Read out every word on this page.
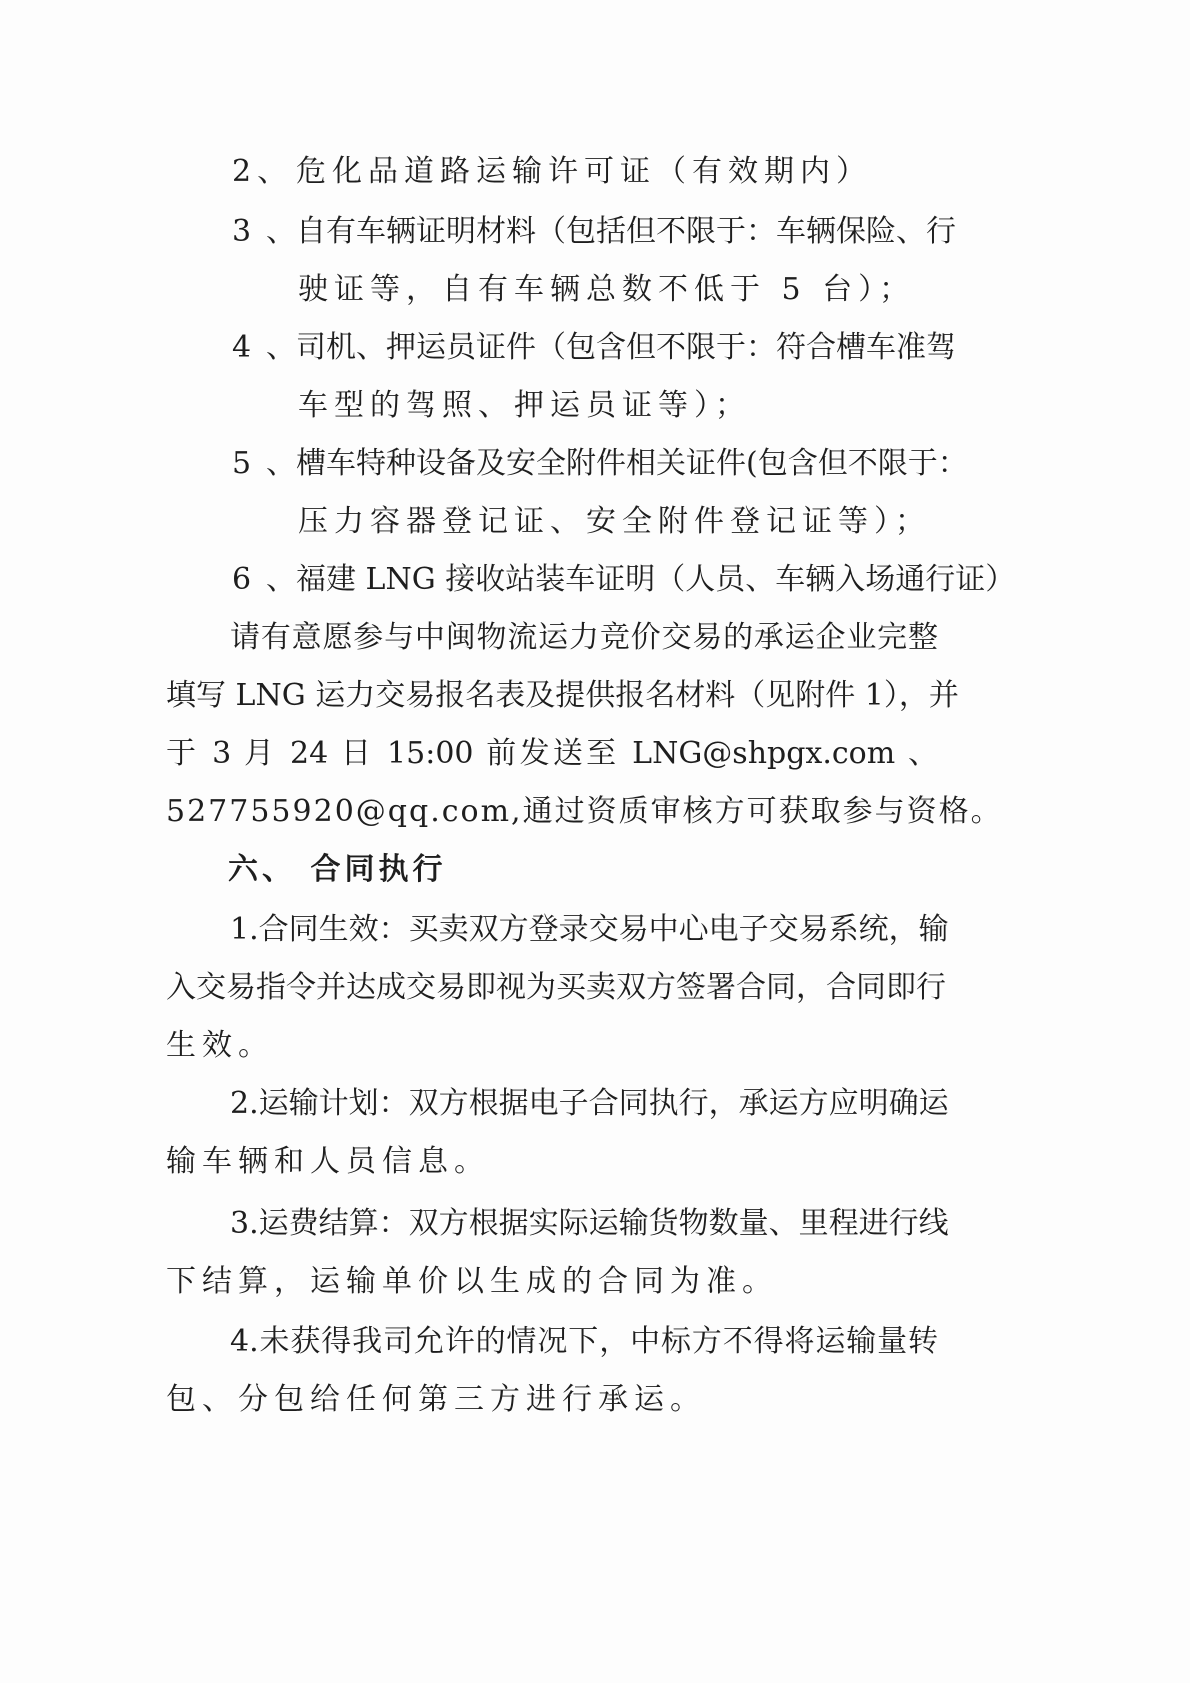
2、危化品道路运输许可证（有效期内）
3、自有车辆证明材料（包括但不限于：车辆保险、行
驶证等，自有车辆总数不低于 5 台）；
4、司机、押运员证件（包含但不限于：符合槽车准驾
车型的驾照、押运员证等）；
5、槽车特种设备及安全附件相关证件(包含但不限于：
压力容器登记证、安全附件登记证等）；
6、福建 LNG 接收站装车证明（人员、车辆入场通行证）
请有意愿参与中闽物流运力竞价交易的承运企业完整
填写 LNG 运力交易报名表及提供报名材料（见附件 1），并
于 3 月 24 日 15:00 前发送至 LNG@shpgx.com 、
527755920@qq.com,通过资质审核方可获取参与资格。
六、 合同执行
1.合同生效：买卖双方登录交易中心电子交易系统，输
入交易指令并达成交易即视为买卖双方签署合同，合同即行
生效。
2.运输计划：双方根据电子合同执行，承运方应明确运
输车辆和人员信息。
3.运费结算：双方根据实际运输货物数量、里程进行线
下结算，运输单价以生成的合同为准。
4.未获得我司允许的情况下，中标方不得将运输量转
包、分包给任何第三方进行承运。
